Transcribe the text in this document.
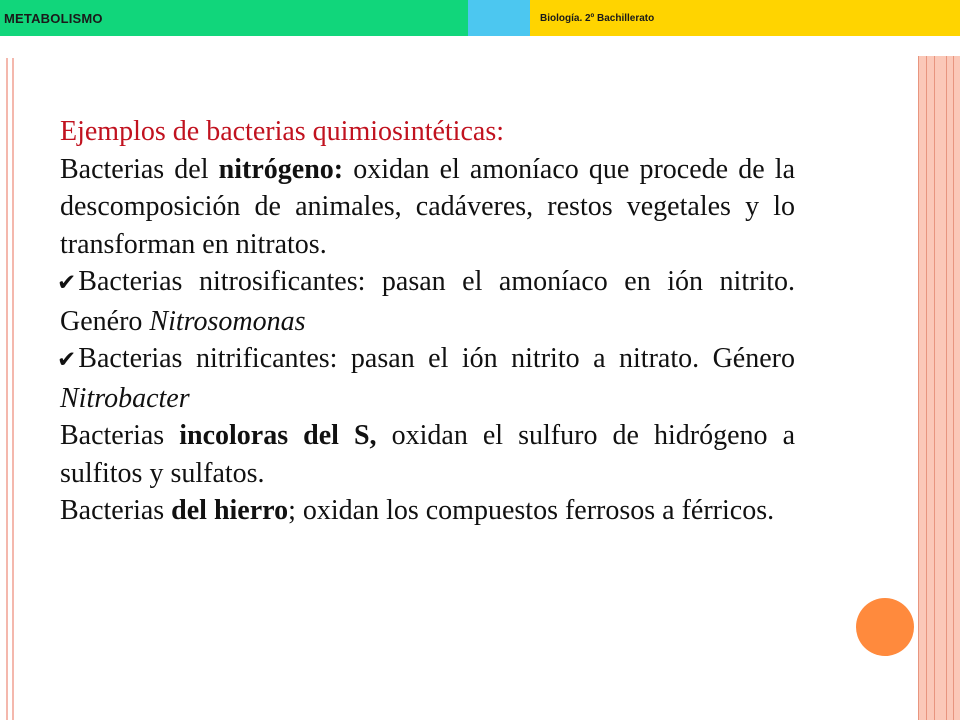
METABOLISMO	Biología. 2º Bachillerato

Ejemplos de bacterias quimiosintéticas:

Bacterias del nitrógeno: oxidan el amoníaco que procede de la descomposición de animales, cadáveres, restos vegetales y lo transforman en nitratos.

✔Bacterias nitrosificantes: pasan el amoníaco en ión nitrito. Genéro Nitrosomonas

✔Bacterias nitrificantes: pasan el ión nitrito a nitrato. Género Nitrobacter

Bacterias incoloras del S, oxidan el sulfuro de hidrógeno a sulfitos y sulfatos.

Bacterias del hierro; oxidan los compuestos ferrosos a férricos.
